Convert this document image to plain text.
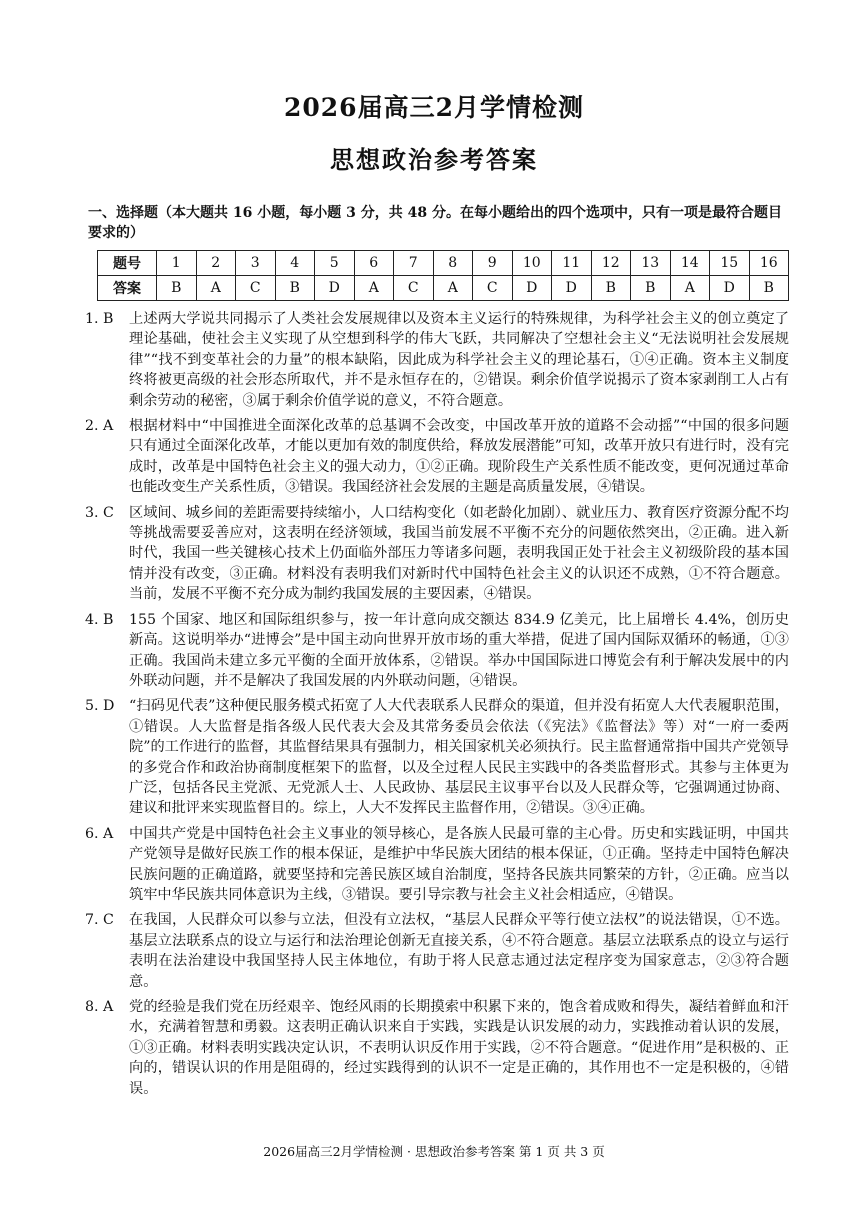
2026届高三2月学情检测
思想政治参考答案
一、选择题（本大题共 16 小题，每小题 3 分，共 48 分。在每小题给出的四个选项中，只有一项是最符合题目要求的）
题号	1	2	3	4	5	6	7	8	9	10	11	12	13	14	15	16
答案	B	A	C	B	D	A	C	A	C	D	D	B	B	A	D	B
1. B	上述两大学说共同揭示了人类社会发展规律以及资本主义运行的特殊规律，为科学社会主义的创立奠定了理论基础，使社会主义实现了从空想到科学的伟大飞跃，共同解决了空想社会主义“无法说明社会发展规律”“找不到变革社会的力量”的根本缺陷，因此成为科学社会主义的理论基石，①④正确。资本主义制度终将被更高级的社会形态所取代，并不是永恒存在的，②错误。剩余价值学说揭示了资本家剥削工人占有剩余劳动的秘密，③属于剩余价值学说的意义，不符合题意。
2. A	根据材料中“中国推进全面深化改革的总基调不会改变，中国改革开放的道路不会动摇”“中国的很多问题只有通过全面深化改革，才能以更加有效的制度供给，释放发展潜能”可知，改革开放只有进行时，没有完成时，改革是中国特色社会主义的强大动力，①②正确。现阶段生产关系性质不能改变，更何况通过革命也能改变生产关系性质，③错误。我国经济社会发展的主题是高质量发展，④错误。
3. C	区域间、城乡间的差距需要持续缩小，人口结构变化（如老龄化加剧）、就业压力、教育医疗资源分配不均等挑战需要妥善应对，这表明在经济领域，我国当前发展不平衡不充分的问题依然突出，②正确。进入新时代，我国一些关键核心技术上仍面临外部压力等诸多问题，表明我国正处于社会主义初级阶段的基本国情并没有改变，③正确。材料没有表明我们对新时代中国特色社会主义的认识还不成熟，①不符合题意。当前，发展不平衡不充分成为制约我国发展的主要因素，④错误。
4. B	155 个国家、地区和国际组织参与，按一年计意向成交额达 834.9 亿美元，比上届增长 4.4%，创历史新高。这说明举办“进博会”是中国主动向世界开放市场的重大举措，促进了国内国际双循环的畅通，①③正确。我国尚未建立多元平衡的全面开放体系，②错误。举办中国国际进口博览会有利于解决发展中的内外联动问题，并不是解决了我国发展的内外联动问题，④错误。
5. D	“扫码见代表”这种便民服务模式拓宽了人大代表联系人民群众的渠道，但并没有拓宽人大代表履职范围，①错误。人大监督是指各级人民代表大会及其常务委员会依法（《宪法》《监督法》等）对“一府一委两院”的工作进行的监督，其监督结果具有强制力，相关国家机关必须执行。民主监督通常指中国共产党领导的多党合作和政治协商制度框架下的监督，以及全过程人民民主实践中的各类监督形式。其参与主体更为广泛，包括各民主党派、无党派人士、人民政协、基层民主议事平台以及人民群众等，它强调通过协商、建议和批评来实现监督目的。综上，人大不发挥民主监督作用，②错误。③④正确。
6. A	中国共产党是中国特色社会主义事业的领导核心，是各族人民最可靠的主心骨。历史和实践证明，中国共产党领导是做好民族工作的根本保证，是维护中华民族大团结的根本保证，①正确。坚持走中国特色解决民族问题的正确道路，就要坚持和完善民族区域自治制度，坚持各民族共同繁荣的方针，②正确。应当以筑牢中华民族共同体意识为主线，③错误。要引导宗教与社会主义社会相适应，④错误。
7. C	在我国，人民群众可以参与立法，但没有立法权，“基层人民群众平等行使立法权”的说法错误，①不选。基层立法联系点的设立与运行和法治理论创新无直接关系，④不符合题意。基层立法联系点的设立与运行表明在法治建设中我国坚持人民主体地位，有助于将人民意志通过法定程序变为国家意志，②③符合题意。
8. A	党的经验是我们党在历经艰辛、饱经风雨的长期摸索中积累下来的，饱含着成败和得失，凝结着鲜血和汗水，充满着智慧和勇毅。这表明正确认识来自于实践，实践是认识发展的动力，实践推动着认识的发展，①③正确。材料表明实践决定认识，不表明认识反作用于实践，②不符合题意。“促进作用”是积极的、正向的，错误认识的作用是阻碍的，经过实践得到的认识不一定是正确的，其作用也不一定是积极的，④错误。
2026届高三2月学情检测 · 思想政治参考答案 第 1 页 共 3 页
